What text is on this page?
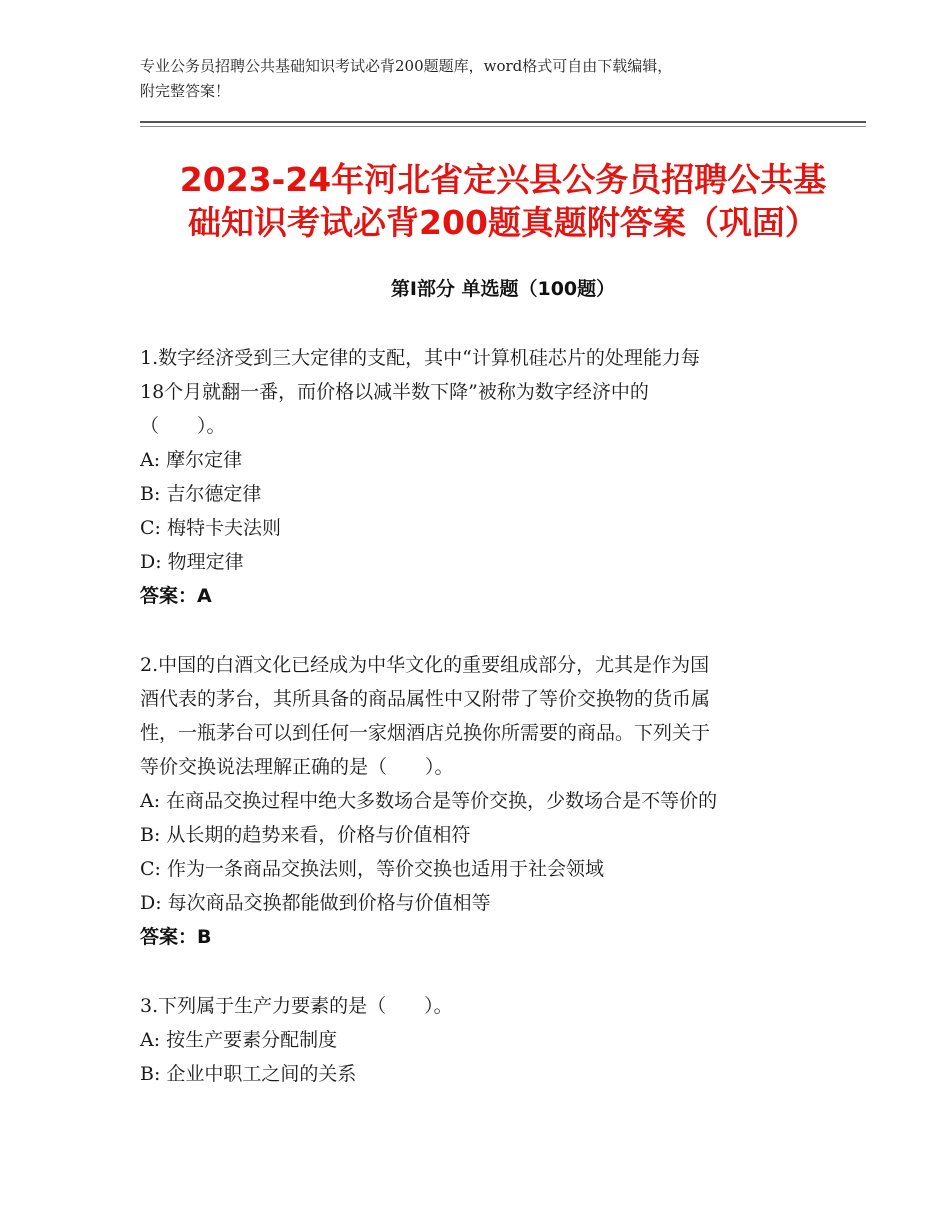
专业公务员招聘公共基础知识考试必背200题题库，word格式可自由下载编辑，
附完整答案！
2023-24年河北省定兴县公务员招聘公共基
础知识考试必背200题真题附答案（巩固）
第Ⅰ部分 单选题（100题）
1.数字经济受到三大定律的支配，其中“计算机硅芯片的处理能力每
18个月就翻一番，而价格以减半数下降”被称为数字经济中的
（　　）。
A: 摩尔定律
B: 吉尔德定律
C: 梅特卡夫法则
D: 物理定律
答案：A
2.中国的白酒文化已经成为中华文化的重要组成部分，尤其是作为国
酒代表的茅台，其所具备的商品属性中又附带了等价交换物的货币属
性，一瓶茅台可以到任何一家烟酒店兑换你所需要的商品。下列关于
等价交换说法理解正确的是（　　）。
A: 在商品交换过程中绝大多数场合是等价交换，少数场合是不等价的
B: 从长期的趋势来看，价格与价值相符
C: 作为一条商品交换法则，等价交换也适用于社会领域
D: 每次商品交换都能做到价格与价值相等
答案：B
3.下列属于生产力要素的是（　　）。
A: 按生产要素分配制度
B: 企业中职工之间的关系
